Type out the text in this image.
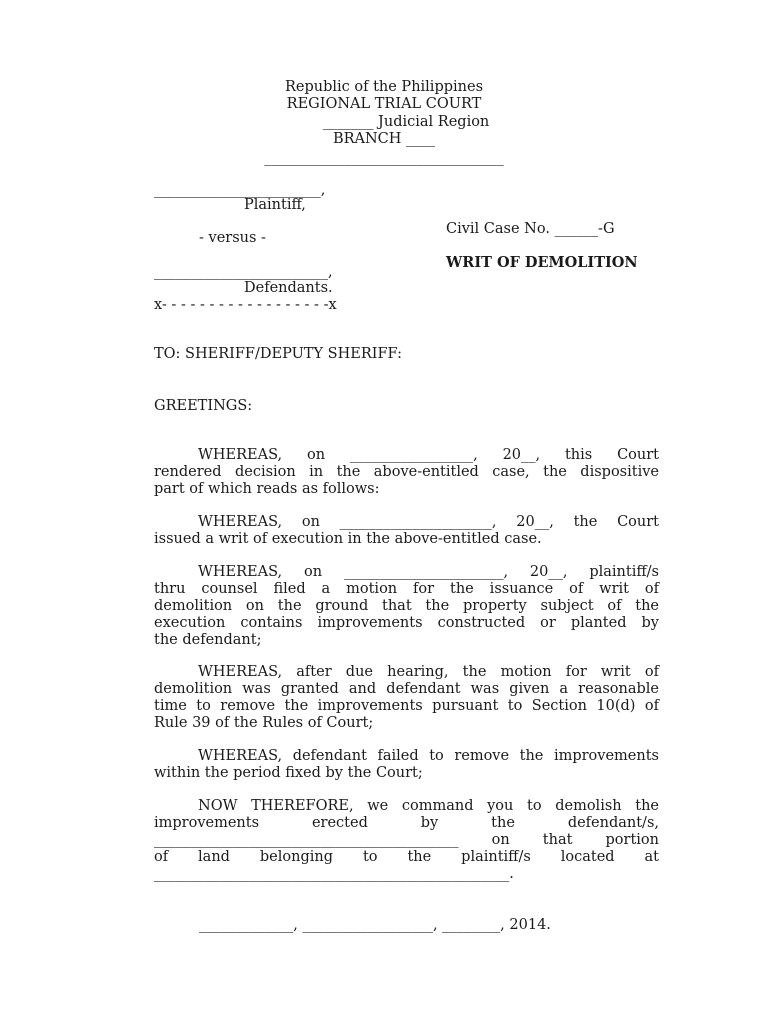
Republic of the Philippines
REGIONAL TRIAL COURT
_______ Judicial Region
BRANCH ____
_________________________________
_______________________,
Plaintiff,
Civil Case No. ______-G
- versus -
WRIT OF DEMOLITION
________________________,
Defendants.
x- - - - - - - - - - - - - - - - - -x
TO: SHERIFF/DEPUTY SHERIFF:
GREETINGS:
WHEREAS, on _________________, 20__, this Court
rendered decision in the above-entitled case, the dispositive
part of which reads as follows:
WHEREAS, on _____________________, 20__, the Court
issued a writ of execution in the above-entitled case.
WHEREAS, on ______________________, 20__, plaintiff/s
thru counsel filed a motion for the issuance of writ of
demolition on the ground that the property subject of the
execution contains improvements constructed or planted by
the defendant;
WHEREAS, after due hearing, the motion for writ of
demolition was granted and defendant was given a reasonable
time to remove the improvements pursuant to Section 10(d) of
Rule 39 of the Rules of Court;
WHEREAS, defendant failed to remove the improvements
within the period fixed by the Court;
NOW THEREFORE, we command you to demolish the
improvements erected by the defendant/s,
__________________________________________ on that portion
of land belonging to the plaintiff/s located at
_________________________________________________.
_____________, __________________, ________, 2014.
